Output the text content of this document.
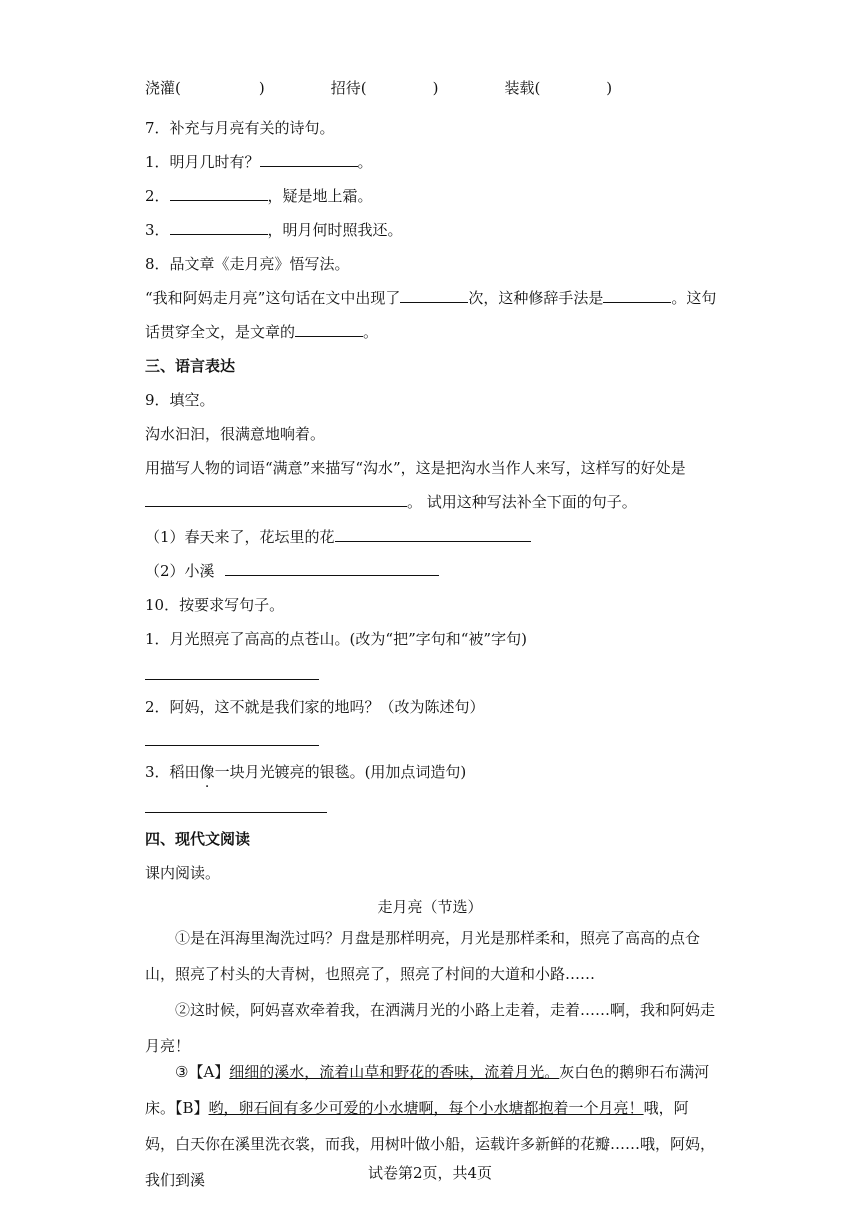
浇灌(	)	招待(	)	装载(	)
7．补充与月亮有关的诗句。
1．明月几时有？	。
2．	，疑是地上霜。
3．	，明月何时照我还。
8．品文章《走月亮》悟写法。
“我和阿妈走月亮”这句话在文中出现了	次，这种修辞手法是	。这句
话贯穿全文，是文章的	。
三、语言表达
9．填空。
沟水汩汩，很满意地响着。
用描写人物的词语“满意”来描写“沟水”，这是把沟水当作人来写，这样写的好处是
。 试用这种写法补全下面的句子。
（1）春天来了，花坛里的花
（2）小溪
10．按要求写句子。
1．月光照亮了高高的点苍山。(改为“把”字句和“被”字句)
2．阿妈，这不就是我们家的地吗？（改为陈述句）
3．稻田像一块月光镀亮的银毯。(用加点词造句)
四、现代文阅读
课内阅读。
走月亮（节选）
①是在洱海里淘洗过吗？月盘是那样明亮，月光是那样柔和，照亮了高高的点仓山，照亮了村头的大青树，也照亮了，照亮了村间的大道和小路……
②这时候，阿妈喜欢牵着我，在洒满月光的小路上走着，走着……啊，我和阿妈走月亮！
③【A】细细的溪水，流着山草和野花的香味，流着月光。灰白色的鹅卵石布满河床。【B】哟，卵石间有多少可爱的小水塘啊，每个小水塘都抱着一个月亮！哦，阿妈，白天你在溪里洗衣裳，而我，用树叶做小船，运载许多新鲜的花瓣……哦，阿妈，我们到溪	试卷第2页，共4页
